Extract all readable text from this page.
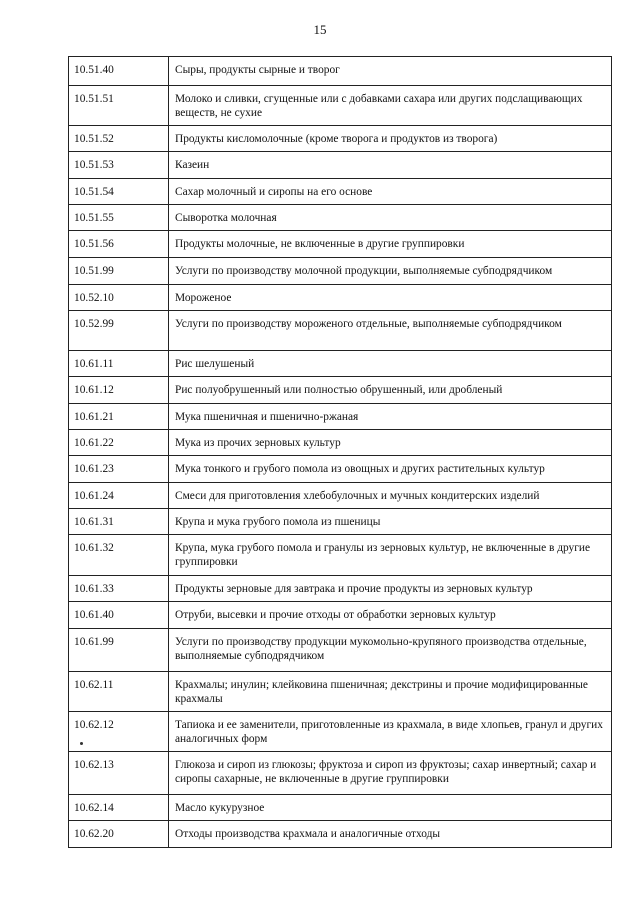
15
10.51.40	Сыры, продукты сырные и творог
10.51.51	Молоко и сливки, сгущенные или с добавками сахара или других подслащивающих веществ, не сухие
10.51.52	Продукты кисломолочные (кроме творога и продуктов из творога)
10.51.53	Казеин
10.51.54	Сахар молочный и сиропы на его основе
10.51.55	Сыворотка молочная
10.51.56	Продукты молочные, не включенные в другие группировки
10.51.99	Услуги по производству молочной продукции, выполняемые субподрядчиком
10.52.10	Мороженое
10.52.99	Услуги по производству мороженого отдельные, выполняемые субподрядчиком
10.61.11	Рис шелушеный
10.61.12	Рис полуобрушенный или полностью обрушенный, или дробленый
10.61.21	Мука пшеничная и пшенично-ржаная
10.61.22	Мука из прочих зерновых культур
10.61.23	Мука тонкого и грубого помола из овощных и других растительных культур
10.61.24	Смеси для приготовления хлебобулочных и мучных кондитерских изделий
10.61.31	Крупа и мука грубого помола из пшеницы
10.61.32	Крупа, мука грубого помола и гранулы из зерновых культур, не включенные в другие группировки
10.61.33	Продукты зерновые для завтрака и прочие продукты из зерновых культур
10.61.40	Отруби, высевки и прочие отходы от обработки зерновых культур
10.61.99	Услуги по производству продукции мукомольно-крупяного производства отдельные, выполняемые субподрядчиком
10.62.11	Крахмалы; инулин; клейковина пшеничная; декстрины и прочие модифицированные крахмалы
10.62.12	Тапиока и ее заменители, приготовленные из крахмала, в виде хлопьев, гранул и других аналогичных форм
10.62.13	Глюкоза и сироп из глюкозы; фруктоза и сироп из фруктозы; сахар инвертный; сахар и сиропы сахарные, не включенные в другие группировки
10.62.14	Масло кукурузное
10.62.20	Отходы производства крахмала и аналогичные отходы
